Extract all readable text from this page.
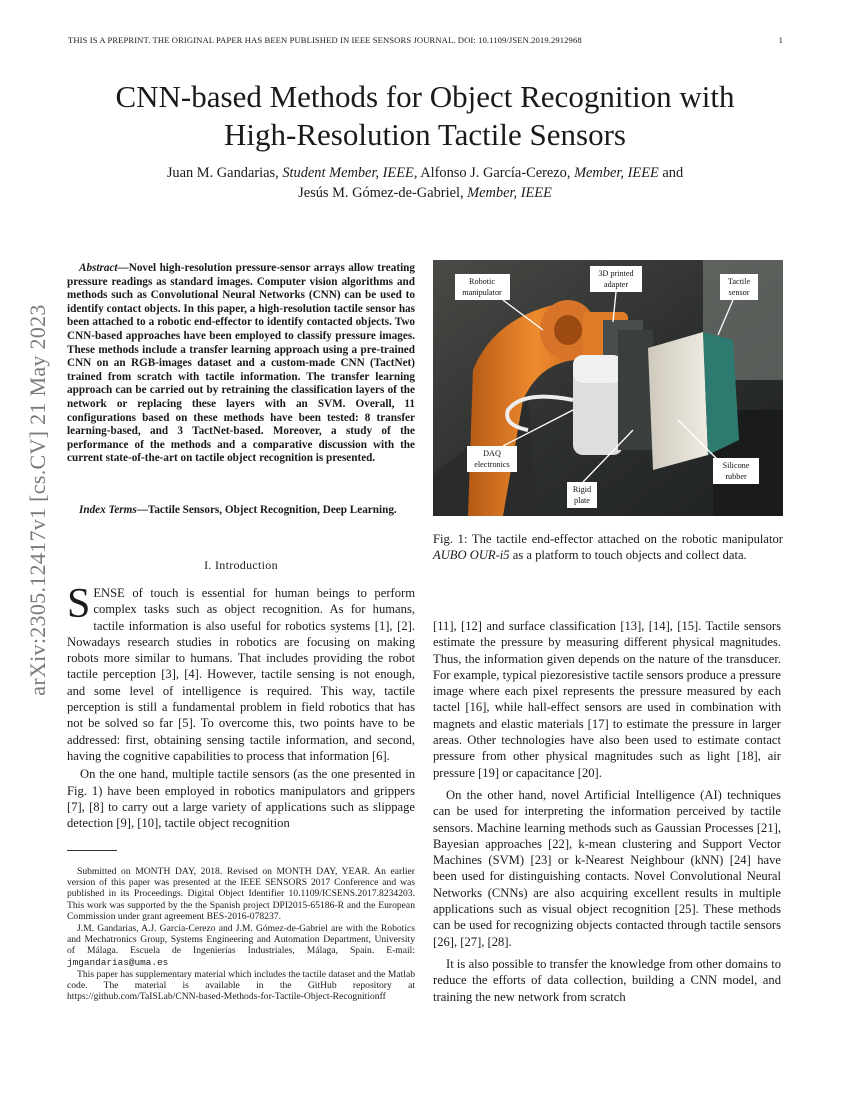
THIS IS A PREPRINT. THE ORIGINAL PAPER HAS BEEN PUBLISHED IN IEEE SENSORS JOURNAL. DOI: 10.1109/JSEN.2019.2912968	1
CNN-based Methods for Object Recognition with
High-Resolution Tactile Sensors
Juan M. Gandarias, Student Member, IEEE, Alfonso J. García-Cerezo, Member, IEEE and
Jesús M. Gómez-de-Gabriel, Member, IEEE
arXiv:2305.12417v1 [cs.CV] 21 May 2023
Abstract—Novel high-resolution pressure-sensor arrays allow treating pressure readings as standard images. Computer vision algorithms and methods such as Convolutional Neural Networks (CNN) can be used to identify contact objects. In this paper, a high-resolution tactile sensor has been attached to a robotic end-effector to identify contacted objects. Two CNN-based approaches have been employed to classify pressure images. These methods include a transfer learning approach using a pre-trained CNN on an RGB-images dataset and a custom-made CNN (TactNet) trained from scratch with tactile information. The transfer learning approach can be carried out by retraining the classification layers of the network or replacing these layers with an SVM. Overall, 11 configurations based on these methods have been tested: 8 transfer learning-based, and 3 TactNet-based. Moreover, a study of the performance of the methods and a comparative discussion with the current state-of-the-art on tactile object recognition is presented.
Index Terms—Tactile Sensors, Object Recognition, Deep Learning.
I. Introduction

SENSE of touch is essential for human beings to perform complex tasks such as object recognition. As for humans, tactile information is also useful for robotics systems [1], [2]. Nowadays research studies in robotics are focusing on making robots more similar to humans. That includes providing the robot tactile perception [3], [4]. However, tactile sensing is not enough, and some level of intelligence is required. This way, tactile perception is still a fundamental problem in field robotics that has not be solved so far [5]. To overcome this, two points have to be addressed: first, obtaining sensing tactile information, and second, having the cognitive capabilities to process that information [6].

On the one hand, multiple tactile sensors (as the one presented in Fig. 1) have been employed in robotics manipulators and grippers [7], [8] to carry out a large variety of applications such as slippage detection [9], [10], tactile object recognition

Submitted on MONTH DAY, 2018. Revised on MONTH DAY, YEAR. An earlier version of this paper was presented at the IEEE SENSORS 2017 Conference and was published in its Proceedings. Digital Object Identifier 10.1109/ICSENS.2017.8234203. This work was supported by the the Spanish project DPI2015-65186-R and the European Commission under grant agreement BES-2016-078237.

J.M. Gandarias, A.J. García-Cerezo and J.M. Gómez-de-Gabriel are with the Robotics and Mechatronics Group, Systems Engineering and Automation Department, University of Málaga. Escuela de Ingenierías Industriales, Málaga, Spain. E-mail: jmgandarias@uma.es

This paper has supplementary material which includes the tactile dataset and the Matlab code. The material is available in the GitHub repository at https://github.com/TaISLab/CNN-based-Methods-for-Tactile-Object-Recognitionff

Robotic
manipulator
3D printed
adapter	Tactile
sensor
DAQ
electronics
Rigid
plate
Silicone
rubber
Fig. 1: The tactile end-effector attached on the robotic manipulator AUBO OUR-i5 as a platform to touch objects and collect data.

[11], [12] and surface classification [13], [14], [15]. Tactile sensors estimate the pressure by measuring different physical magnitudes. Thus, the information given depends on the nature of the transducer. For example, typical piezoresistive tactile sensors produce a pressure image where each pixel represents the pressure measured by each tactel [16], while hall-effect sensors are used in combination with magnets and elastic materials [17] to estimate the pressure in larger areas. Other technologies have also been used to estimate contact pressure from other physical magnitudes such as light [18], air pressure [19] or capacitance [20].

On the other hand, novel Artificial Intelligence (AI) techniques can be used for interpreting the information perceived by tactile sensors. Machine learning methods such as Gaussian Processes [21], Bayesian approaches [22], k-mean clustering and Support Vector Machines (SVM) [23] or k-Nearest Neighbour (kNN) [24] have been used for distinguishing contacts. Novel Convolutional Neural Networks (CNNs) are also acquiring excellent results in multiple applications such as visual object recognition [25]. These methods can be used for recognizing objects contacted through tactile sensors [26], [27], [28].

It is also possible to transfer the knowledge from other domains to reduce the efforts of data collection, building a CNN model, and training the new network from scratch
